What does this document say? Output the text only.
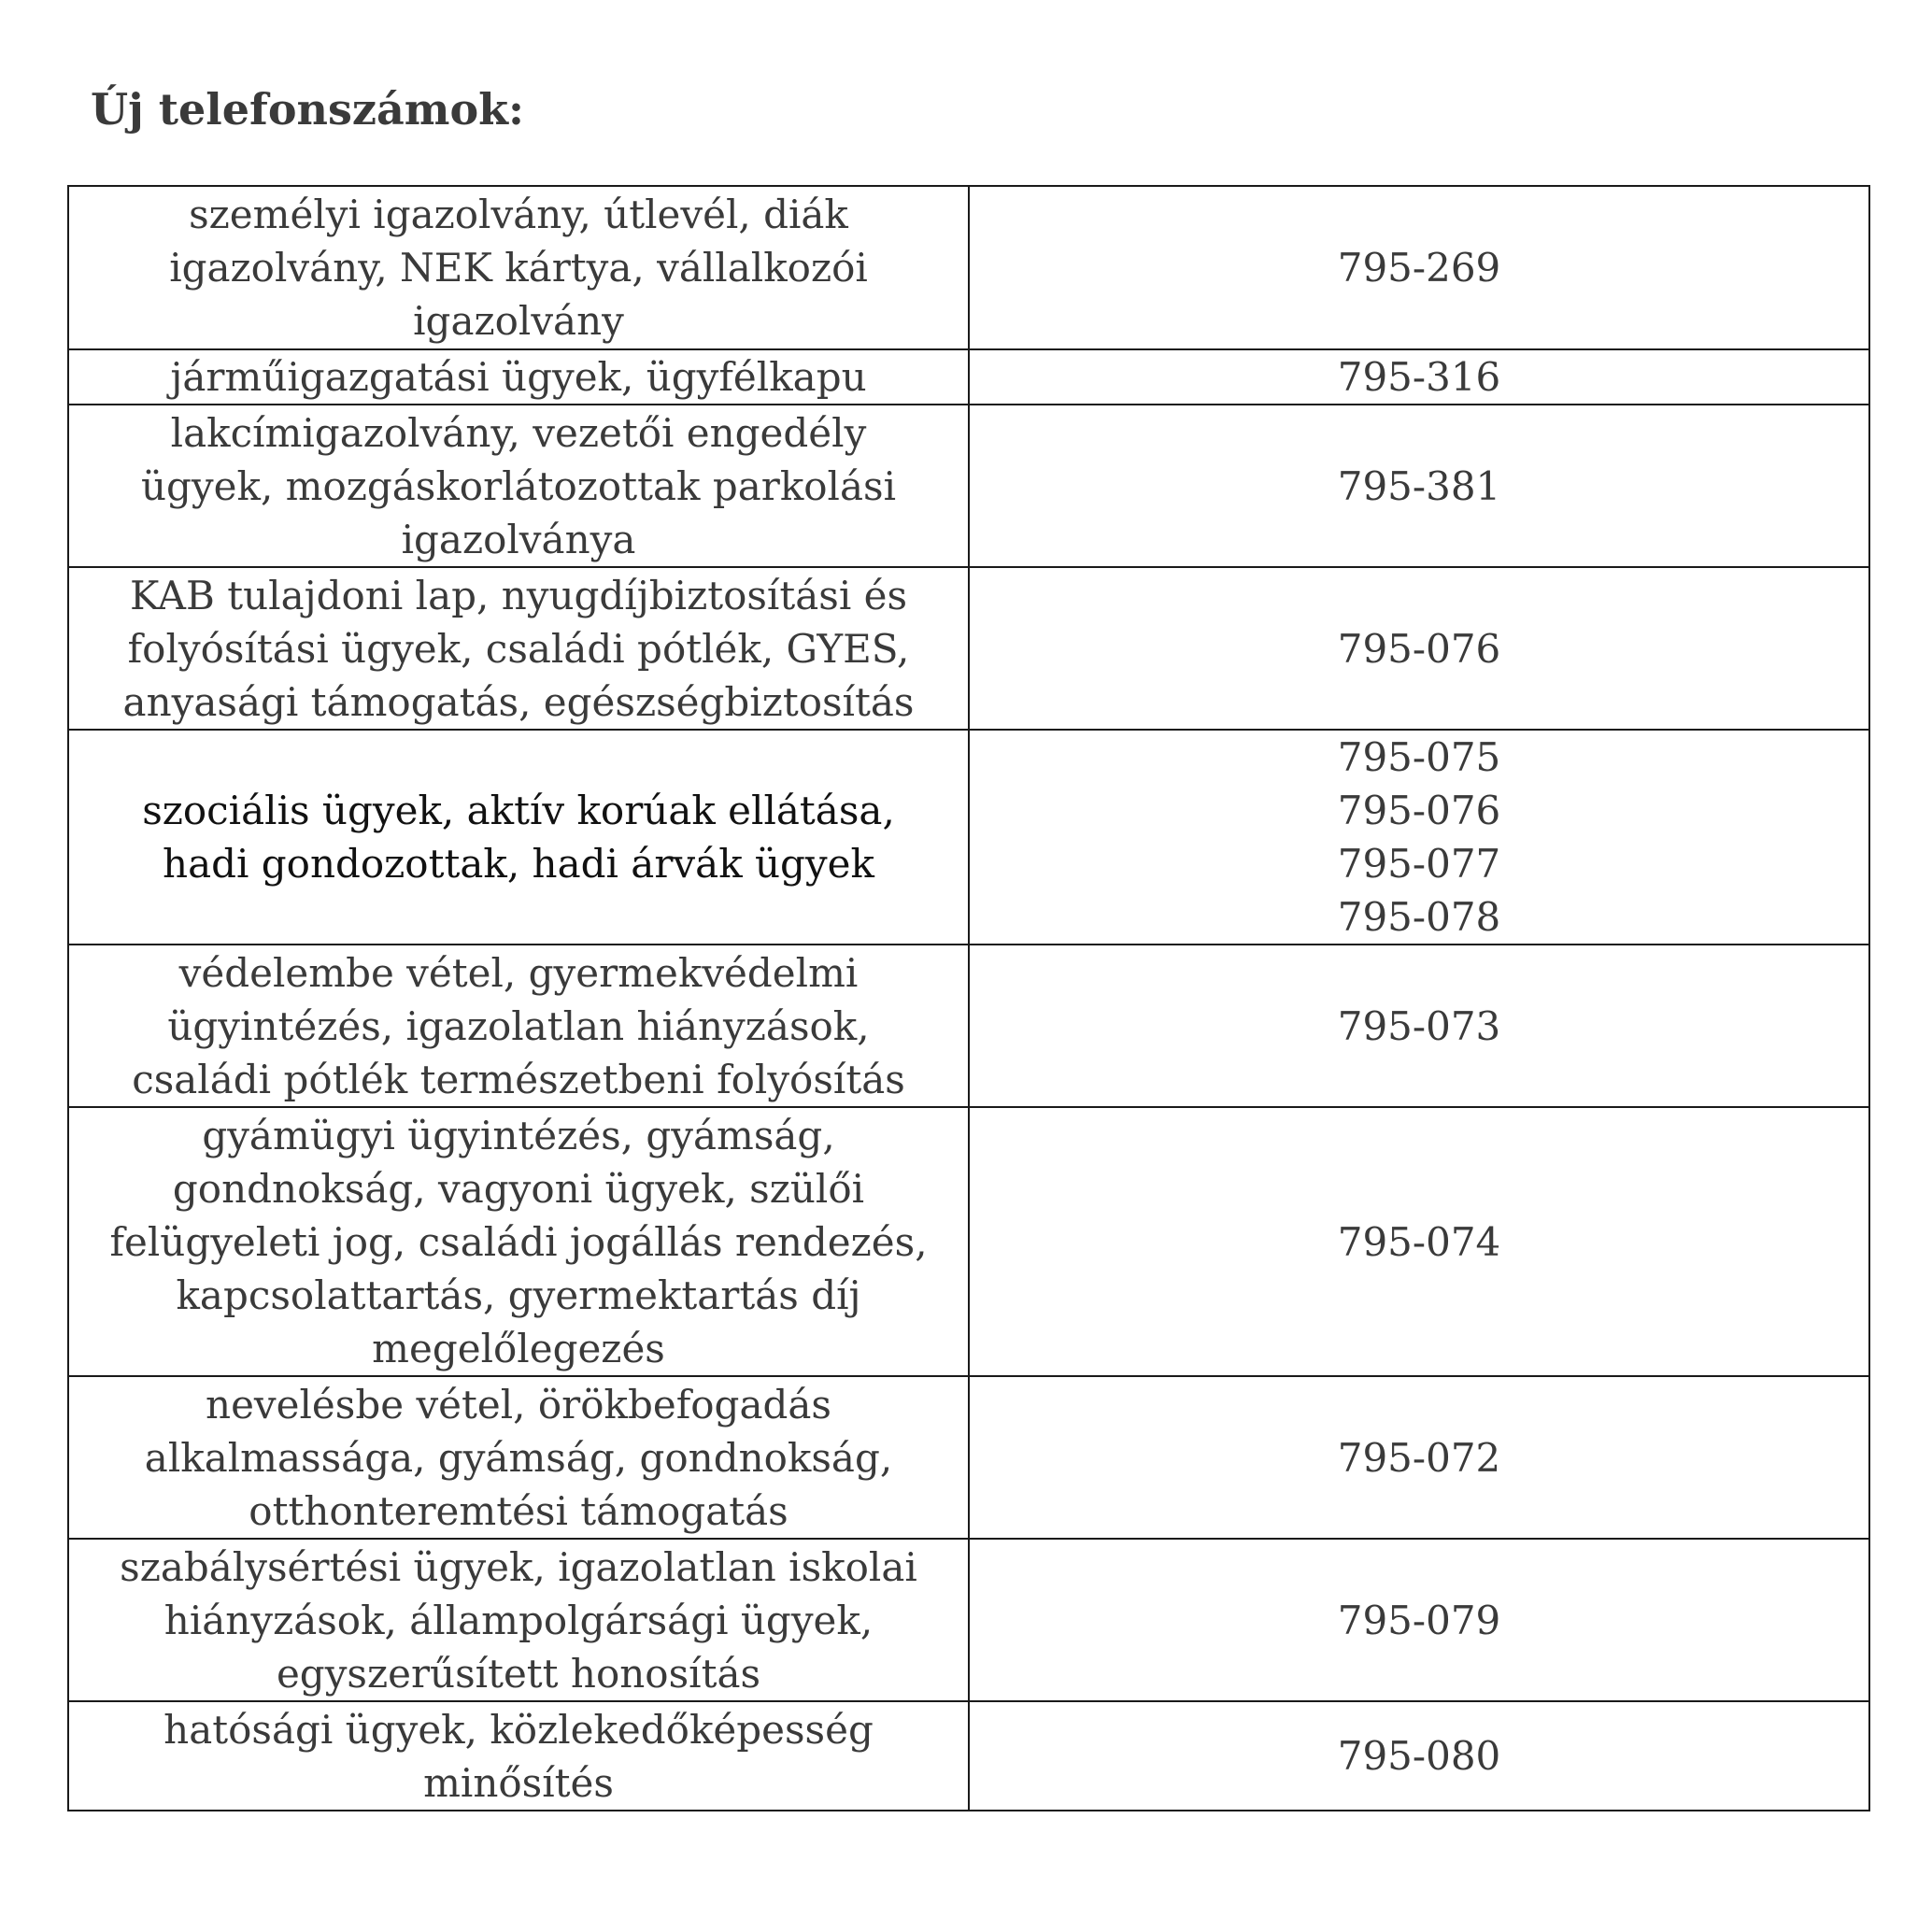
Új telefonszámok:
személyi igazolvány, útlevél, diák
igazolvány, NEK kártya, vállalkozói
igazolvány	795-269

járműigazgatási ügyek, ügyfélkapu	795-316

lakcímigazolvány, vezetői engedély
ügyek, mozgáskorlátozottak parkolási
igazolványa	795-381

KAB tulajdoni lap, nyugdíjbiztosítási és
folyósítási ügyek, családi pótlék, GYES,
anyasági támogatás, egészségbiztosítás	795-076

szociális ügyek, aktív korúak ellátása,
hadi gondozottak, hadi árvák ügyek	795-075
795-076
795-077
795-078

védelembe vétel, gyermekvédelmi
ügyintézés, igazolatlan hiányzások,
családi pótlék természetbeni folyósítás	795-073

gyámügyi ügyintézés, gyámság,
gondnokság, vagyoni ügyek, szülői
felügyeleti jog, családi jogállás rendezés,
kapcsolattartás, gyermektartás díj
megelőlegezés	795-074

nevelésbe vétel, örökbefogadás
alkalmassága, gyámság, gondnokság,
otthonteremtési támogatás	795-072

szabálysértési ügyek, igazolatlan iskolai
hiányzások, állampolgársági ügyek,
egyszerűsített honosítás	795-079

hatósági ügyek, közlekedőképesség
minősítés	795-080
